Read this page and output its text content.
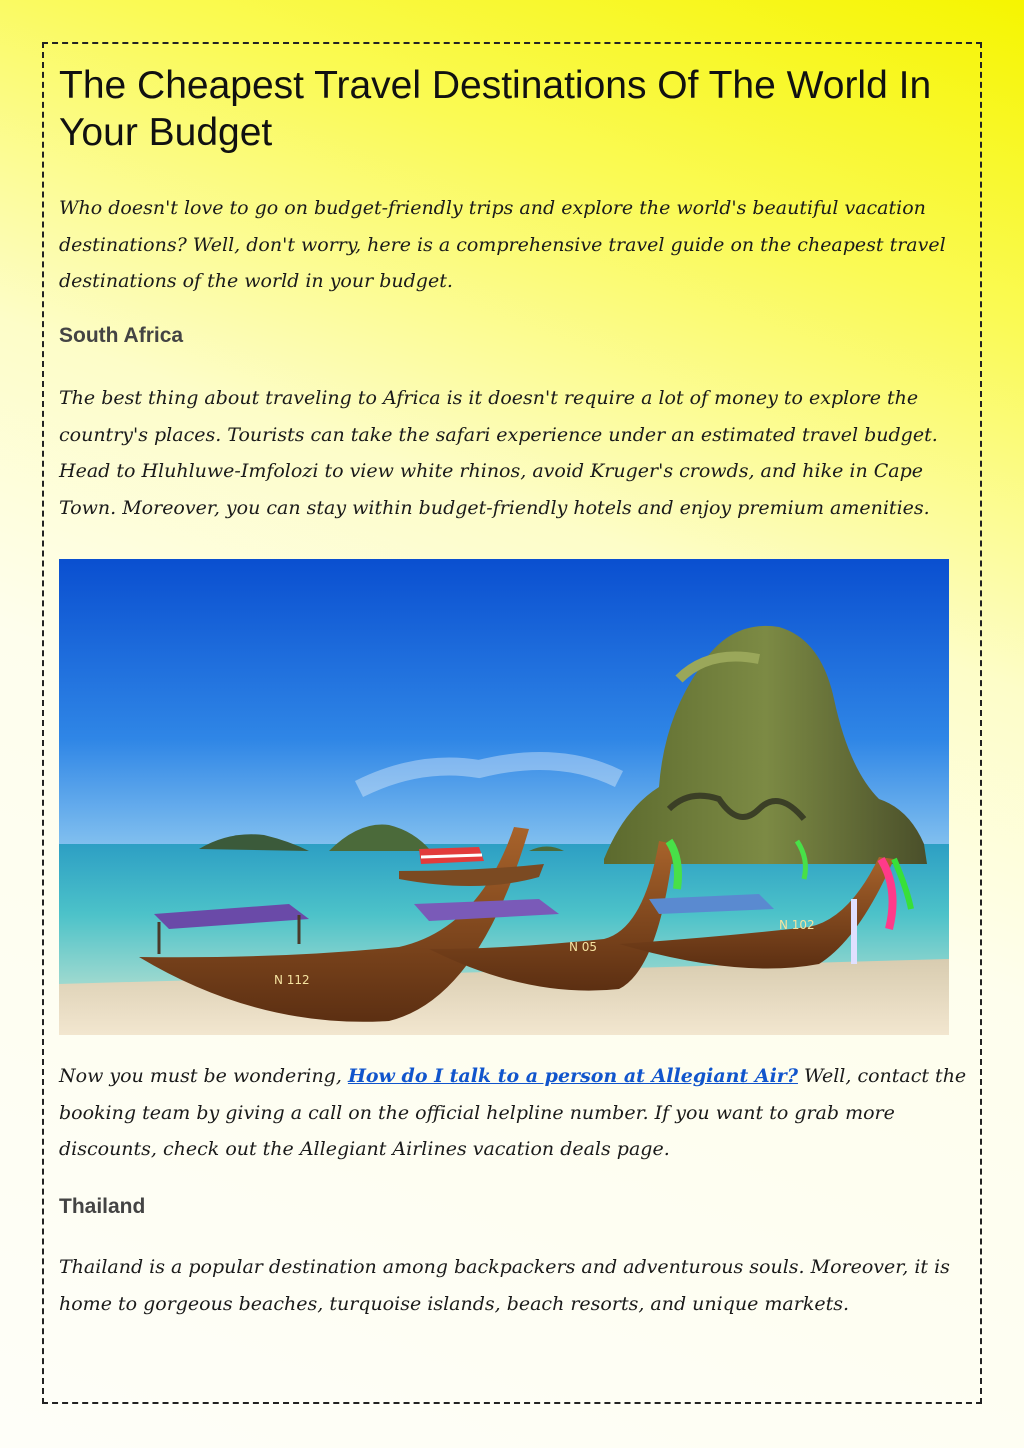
The Cheapest Travel Destinations Of The World In Your Budget

Who doesn't love to go on budget-friendly trips and explore the world's beautiful vacation destinations? Well, don't worry, here is a comprehensive travel guide on the cheapest travel destinations of the world in your budget.

South Africa

The best thing about traveling to Africa is it doesn't require a lot of money to explore the country's places. Tourists can take the safari experience under an estimated travel budget. Head to Hluhluwe-Imfolozi to view white rhinos, avoid Kruger's crowds, and hike in Cape Town. Moreover, you can stay within budget-friendly hotels and enjoy premium amenities.

N 112
N 05
N 102

Now you must be wondering, How do I talk to a person at Allegiant Air? Well, contact the booking team by giving a call on the official helpline number. If you want to grab more discounts, check out the Allegiant Airlines vacation deals page.

Thailand

Thailand is a popular destination among backpackers and adventurous souls. Moreover, it is home to gorgeous beaches, turquoise islands, beach resorts, and unique markets.
